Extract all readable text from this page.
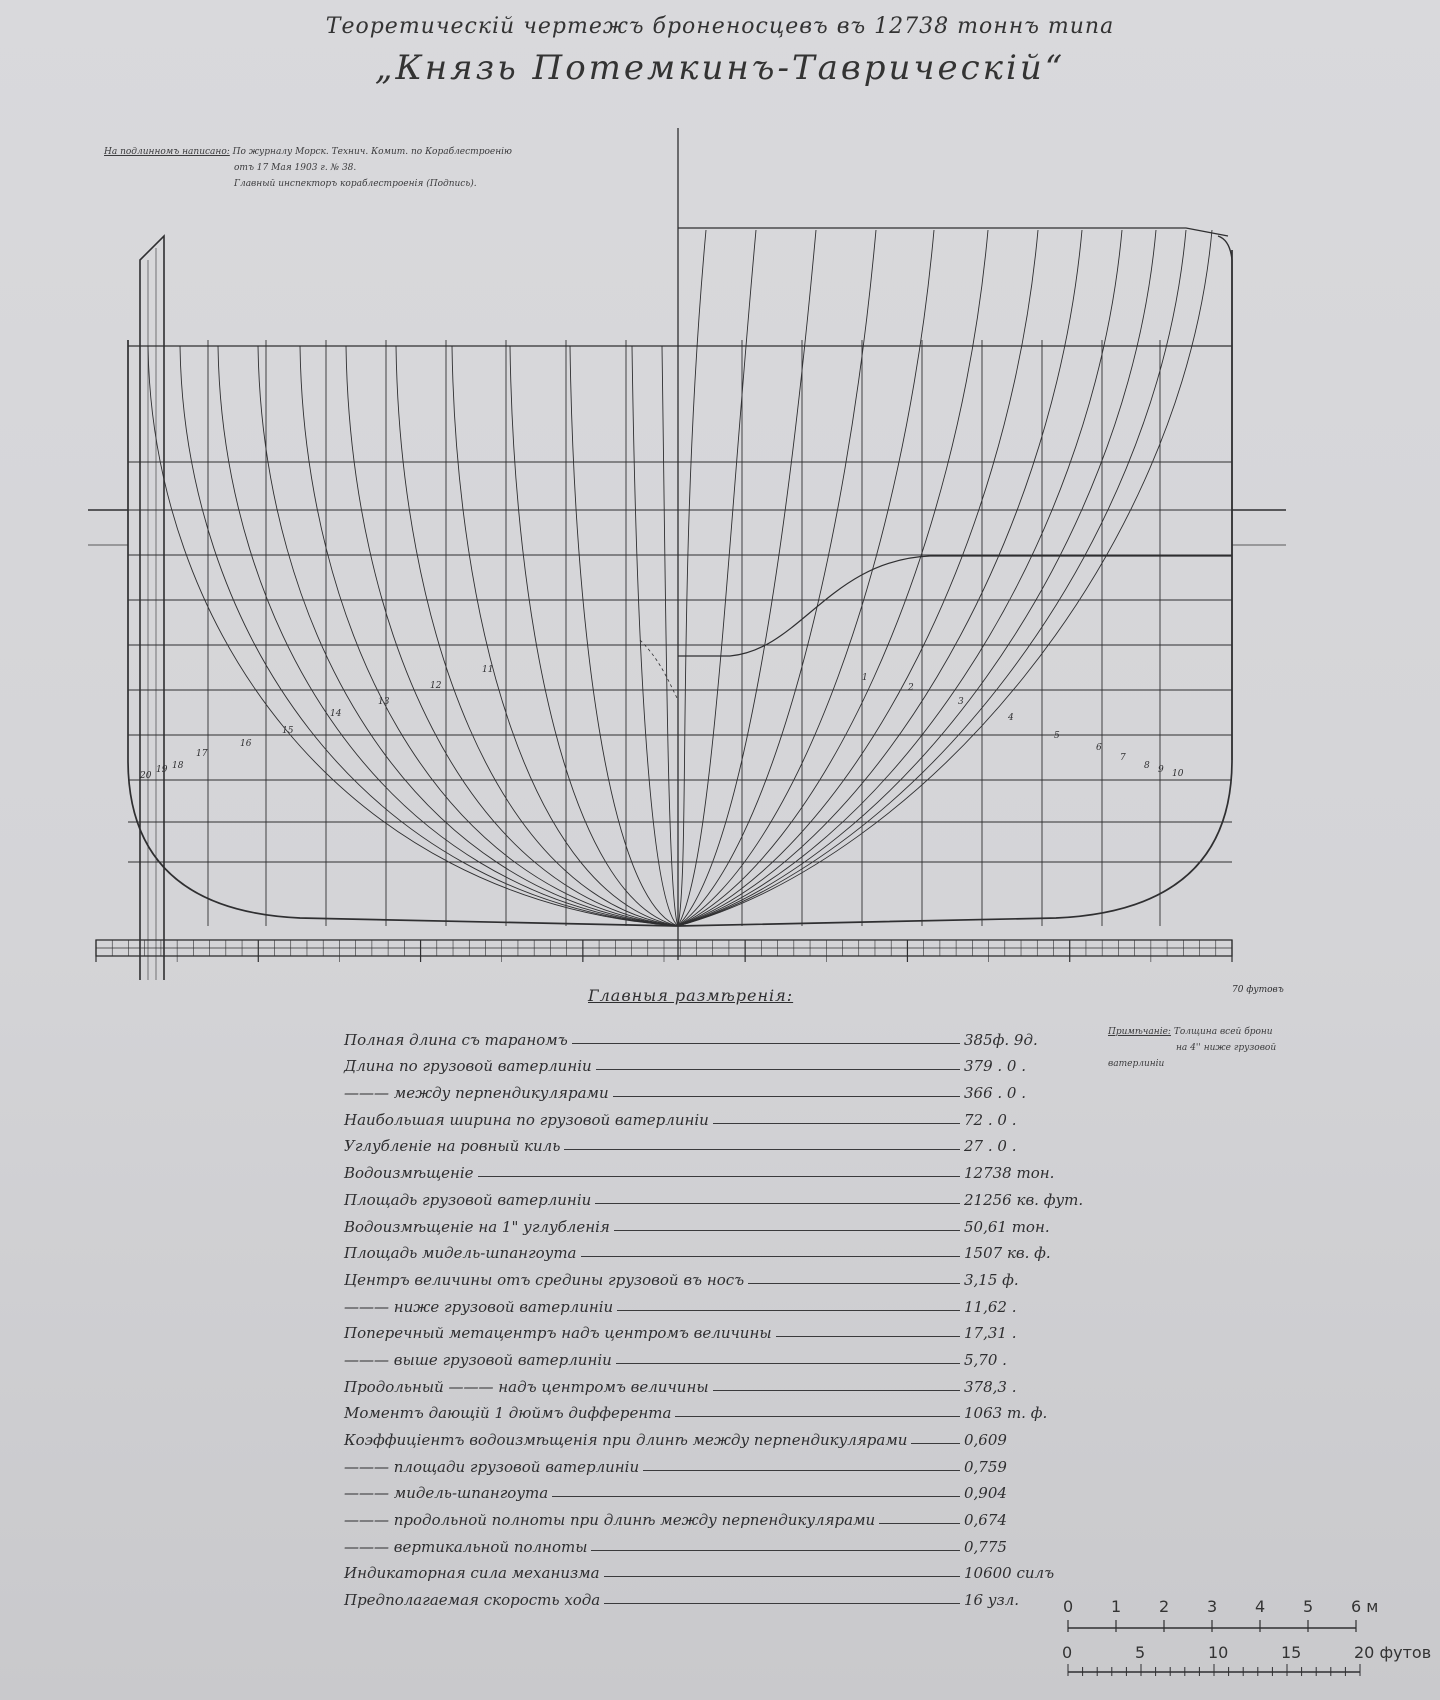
Теоретическій чертежъ броненосцевъ въ 12738 тоннъ типа
„Князь Потемкинъ-Таврическій“
На подлинномъ написано: По журналу Морск. Технич. Комит. по Кораблестроенію
отъ 17 Мая 1903 г. № 38.
Главный инспекторъ кораблестроенія (Подпись).
Примѣчаніе: Толщина всей брони
на 4'' ниже грузовой ватерлиніи
20
19 18
17
16
15
14
13
12
11
10
9
8
7
6
5
4
3
2
1
70 футовъ
Главныя размѣренія:
Полная длина съ тараномъ	385ф. 9д.
Длина по грузовой ватерлиніи	379 . 0 .
——— между перпендикулярами	366 . 0 .
Наибольшая ширина по грузовой ватерлиніи	72 . 0 .
Углубленіе на ровный киль	27 . 0 .
Водоизмѣщеніе	12738 тон.
Площадь грузовой ватерлиніи	21256 кв. фут.
Водоизмѣщеніе на 1" углубленія	50,61 тон.
Площадь мидель-шпангоута	1507 кв. ф.
Центръ величины отъ средины грузовой въ носъ	3,15 ф.
——— ниже грузовой ватерлиніи	11,62 .
Поперечный метацентръ надъ центромъ величины	17,31 .
——— выше грузовой ватерлиніи	5,70 .
Продольный ——— надъ центромъ величины	378,3 .
Моментъ дающій 1 дюймъ дифферента	1063 т. ф.
Коэффиціентъ водоизмѣщенія при длинѣ между перпендикулярами	0,609
——— площади грузовой ватерлиніи	0,759
——— мидель-шпангоута	0,904
——— продольной полноты при длинѣ между перпендикулярами	0,674
——— вертикальной полноты	0,775
Индикаторная сила механизма	10600 силъ
Предполагаемая скорость хода	16 узл.	0 1 2 3 4 5 6 м
0	5	10	15	20 футов
